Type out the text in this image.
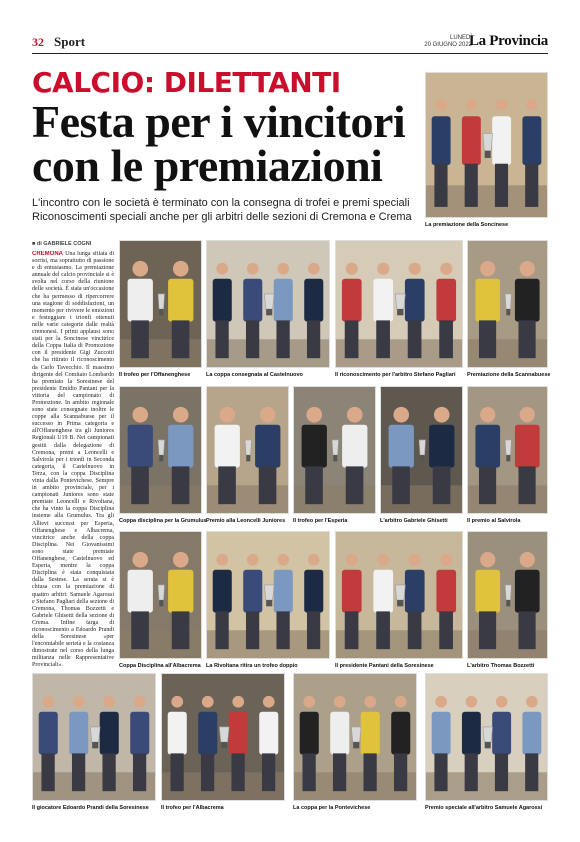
32 Sport	LUNEDÌ
20 GIUGNO 2022
La Provincia
CALCIO: DILETTANTI
Festa per i vincitori con le premiazioni
L'incontro con le società è terminato con la consegna di trofei e premi speciali Riconoscimenti speciali anche per gli arbitri delle sezioni di Cremona e Crema
■ di GABRIELE COGNI
CREMONA Una lunga sfilata di sorrisi, ma soprattutto di passione e di entusiasmo. La premiazione annuale del calcio provinciale si è svolta nel corso della riunione delle società. È stata un'occasione che ha permesso di ripercorrere una stagione di soddisfazioni, un momento per rivivere le emozioni e festeggiare i trionfi ottenuti nelle varie categorie dalle realtà cremonesi. I primi applausi sono stati per la Soncinese vincitrice della Coppa Italia di Promozione con il presidente Gigi Zuccotti che ha ritirato il riconoscimento da Carlo Tavecchio. Il massimo dirigente del Comitato Lombardo ha premiato la Soresinese del presidente Emidio Pantani per la vittoria del campionato di Promozione. In ambito regionale sono state consegnate inoltre le coppe alla Scannabuese per il successo in Prima categoria e all'Offanenghese tra gli Juniores Regionali U19 B. Nei campionati gestiti dalla delegazione di Cremona, premi a Leoncelli e Salvirola per i trionfi in Seconda categoria, il Castelnuovo in Terza, con la coppa Disciplina vinta dalla Pontevichese. Sempre in ambito provinciale, per i campionati Juniores sono state premiate Leoncelli e Rivoltana, che ha vinto la coppa Disciplina insieme alla Grumulus. Tra gli Allievi successi per Esperia, Offanenghese e Albacrema, vincitrice anche della coppa Disciplina. Nei Giovanissimi sono state premiate Offanenghese, Castelnuovo ed Esperia, mentre la coppa Disciplina è stata conquistata dalla Sestese. La serata si è chiusa con la premiazione di quattro arbitri: Samuele Agarossi e Stefano Pagliari della sezione di Cremona, Thomas Bozzetti e Gabriele Ghisetti della sezione di Crema. Infine targa di riconoscimento a Edoardo Prandi della Soresinese «per l'encomiabile serietà e la costanza dimostrate nel corso della lunga militanza nelle Rappresentative Provinciali».
La premiazione della Soncinese
Il trofeo per l'Offanenghese	La coppa consegnata al Castelnuovo	Il riconoscimento per l'arbitro Stefano Pagliari Premiazione della Scannabuese
Coppa disciplina per la Grumulus Premio alla Leoncelli Juniores Il trofeo per l'Esperia	L'arbitro Gabriele Ghisetti	Il premio al Salvirola
Coppa Disciplina all'Albacrema La Rivoltana ritira un trofeo doppio	Il presidente Pantani della Soresinese	L'arbitro Thomas Bozzetti
Il giocatore Edoardo Prandi della Soresinese Il trofeo per l'Albacrema	La coppa per la Pontevichese	Premio speciale all'arbitro Samuele Agarossi
